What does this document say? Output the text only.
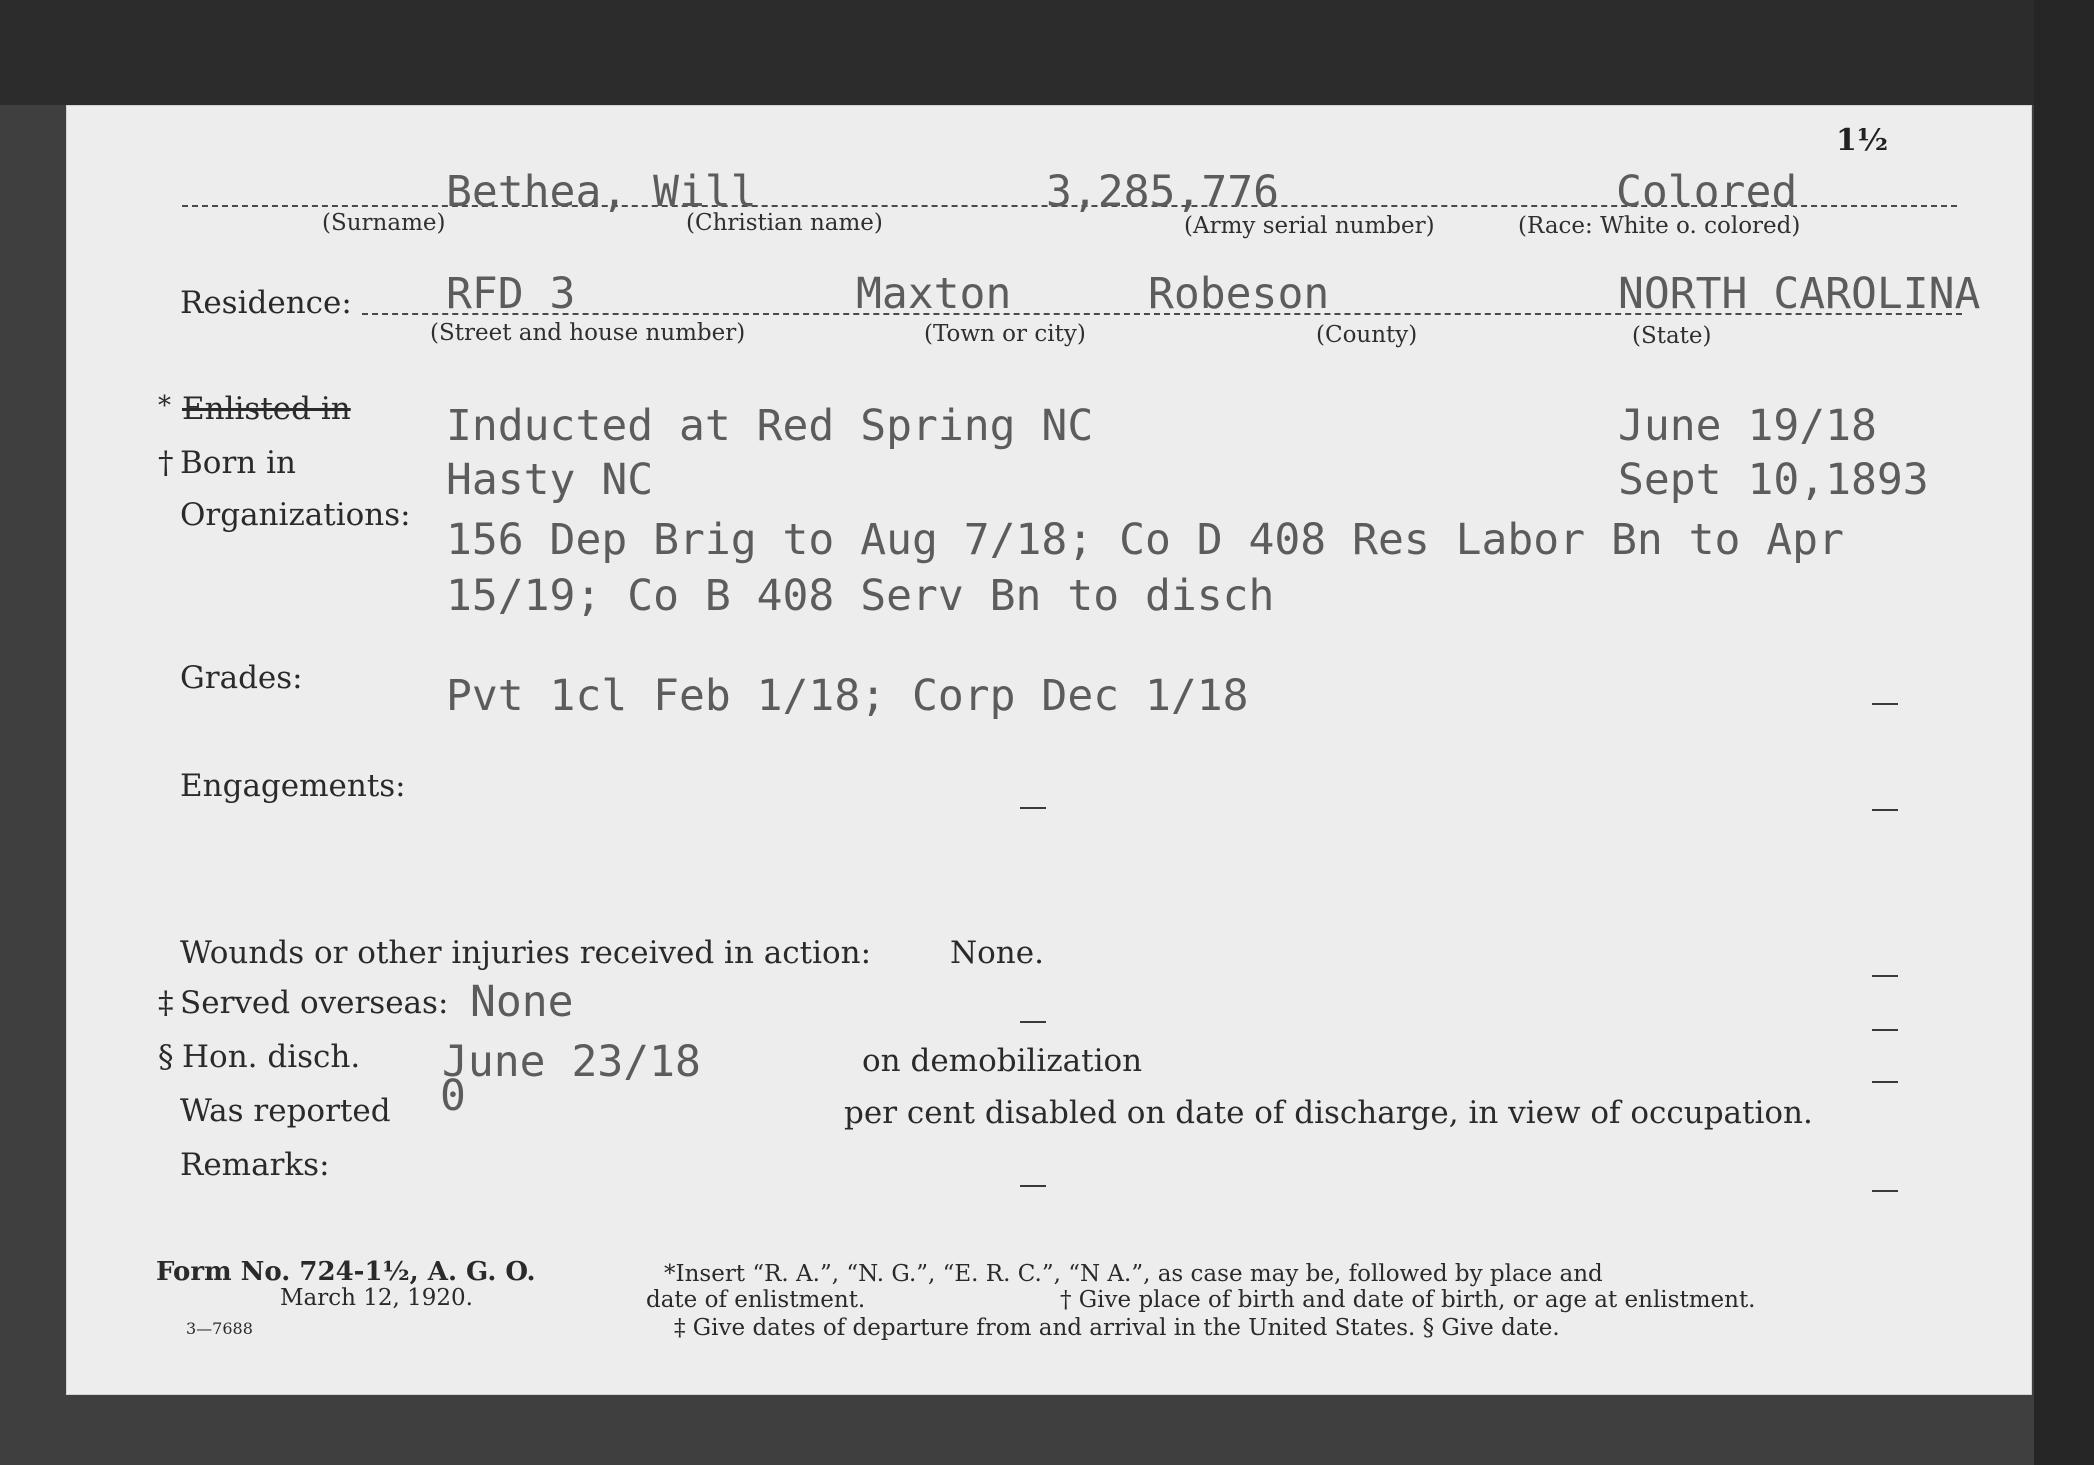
1½
Bethea, Will	3,285,776	Colored
(Surname)	(Christian name)	(Army serial number)	(Race: White o. colored)
Residence: RFD 3	Maxton	Robeson	NORTH CAROLINA
(Street and house number)	(Town or city)	(County)	(State)
* Enlisted in Inducted at Red Spring NC	June 19/18
† Born in	Hasty NC	Sept 10,1893
Organizations: 156 Dep Brig to Aug 7/18; Co D 408 Res Labor Bn to Apr
15/19; Co B 408 Serv Bn to disch
Grades:	Pvt 1cl Feb 1/18; Corp Dec 1/18
Engagements:
Wounds or other injuries received in action:	None.
‡ Served overseas: None
§ Hon. disch. June 23/18	on demobilization
Was reported 0	per cent disabled on date of discharge, in view of occupation.
Remarks:
Form No. 724-1½, A. G. O.
March 12, 1920.
3—7688
*Insert “R. A.”, “N. G.”, “E. R. C.”, “N A.”, as case may be, followed by place and
date of enlistment.	† Give place of birth and date of birth, or age at enlistment.
‡ Give dates of departure from and arrival in the United States. § Give date.
